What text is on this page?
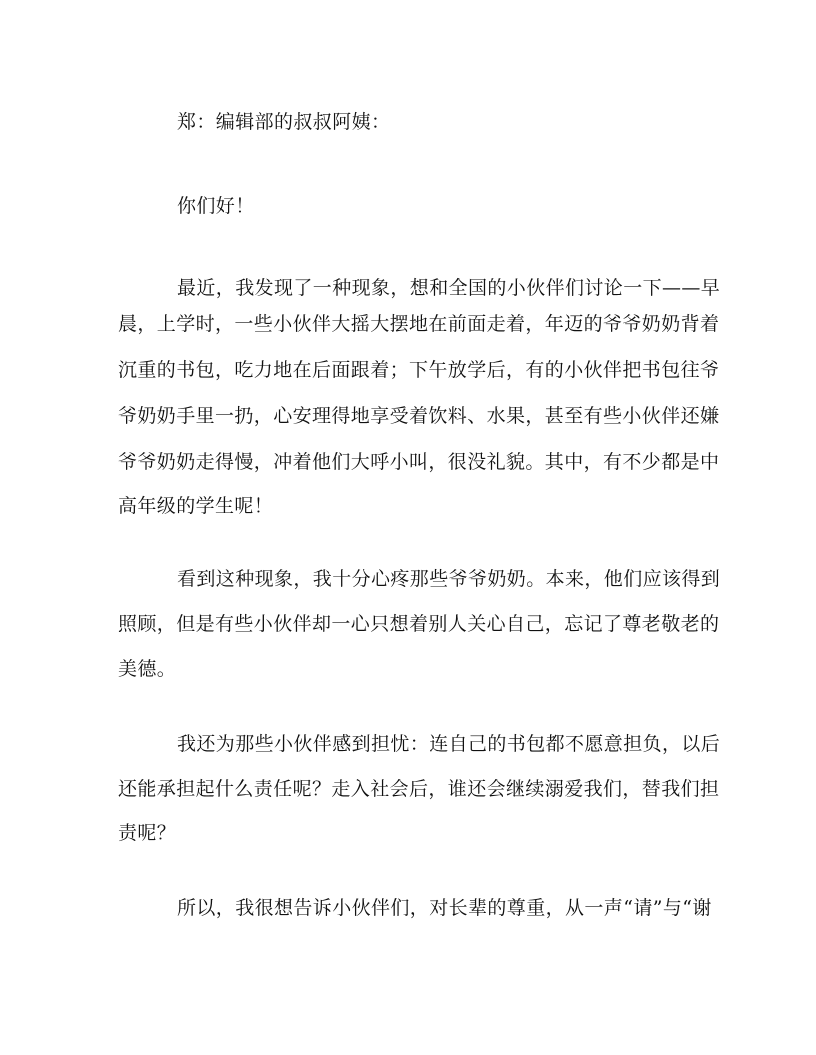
郑：编辑部的叔叔阿姨：
你们好！
最近，我发现了一种现象，想和全国的小伙伴们讨论一下——早
晨，上学时，一些小伙伴大摇大摆地在前面走着，年迈的爷爷奶奶背着
沉重的书包，吃力地在后面跟着；下午放学后，有的小伙伴把书包往爷
爷奶奶手里一扔，心安理得地享受着饮料、水果，甚至有些小伙伴还嫌
爷爷奶奶走得慢，冲着他们大呼小叫，很没礼貌。其中，有不少都是中
高年级的学生呢！
看到这种现象，我十分心疼那些爷爷奶奶。本来，他们应该得到
照顾，但是有些小伙伴却一心只想着别人关心自己，忘记了尊老敬老的
美德。
我还为那些小伙伴感到担忧：连自己的书包都不愿意担负，以后
还能承担起什么责任呢？走入社会后，谁还会继续溺爱我们，替我们担
责呢？
所以，我很想告诉小伙伴们，对长辈的尊重，从一声“请”与“谢
